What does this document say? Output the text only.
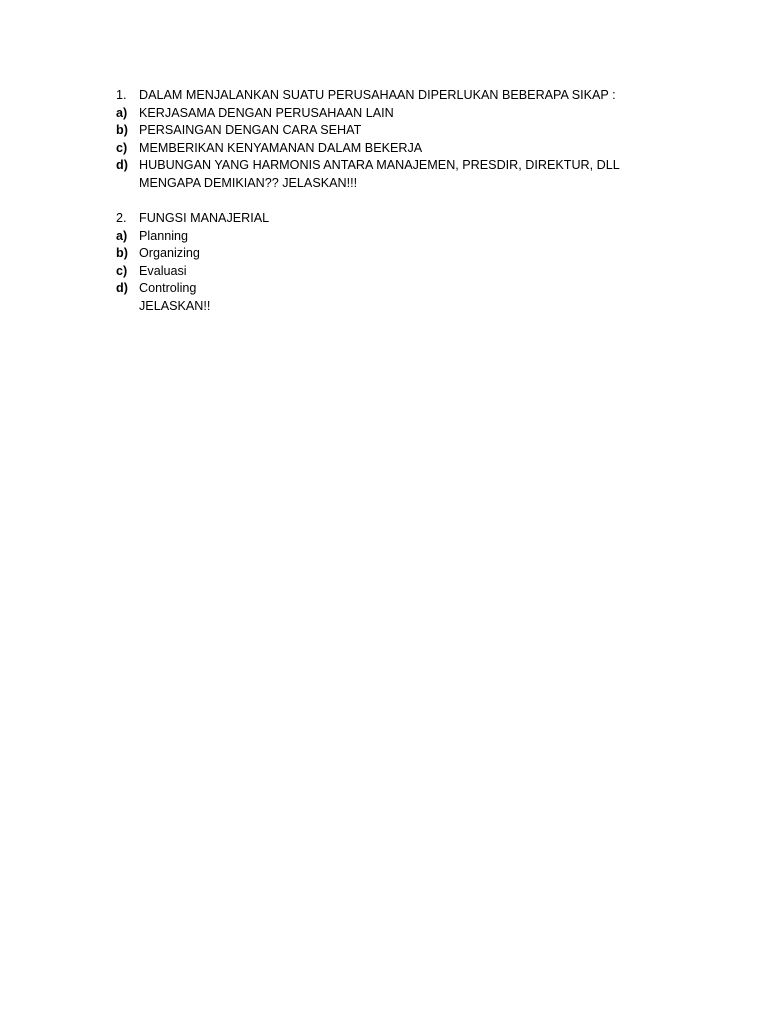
1. DALAM MENJALANKAN SUATU PERUSAHAAN DIPERLUKAN BEBERAPA SIKAP :
a) KERJASAMA DENGAN PERUSAHAAN LAIN
b) PERSAINGAN DENGAN CARA SEHAT
c) MEMBERIKAN KENYAMANAN DALAM BEKERJA
d) HUBUNGAN YANG HARMONIS ANTARA MANAJEMEN, PRESDIR, DIREKTUR, DLL
MENGAPA DEMIKIAN?? JELASKAN!!!
2. FUNGSI MANAJERIAL
a) Planning
b) Organizing
c) Evaluasi
d) Controling
JELASKAN!!
